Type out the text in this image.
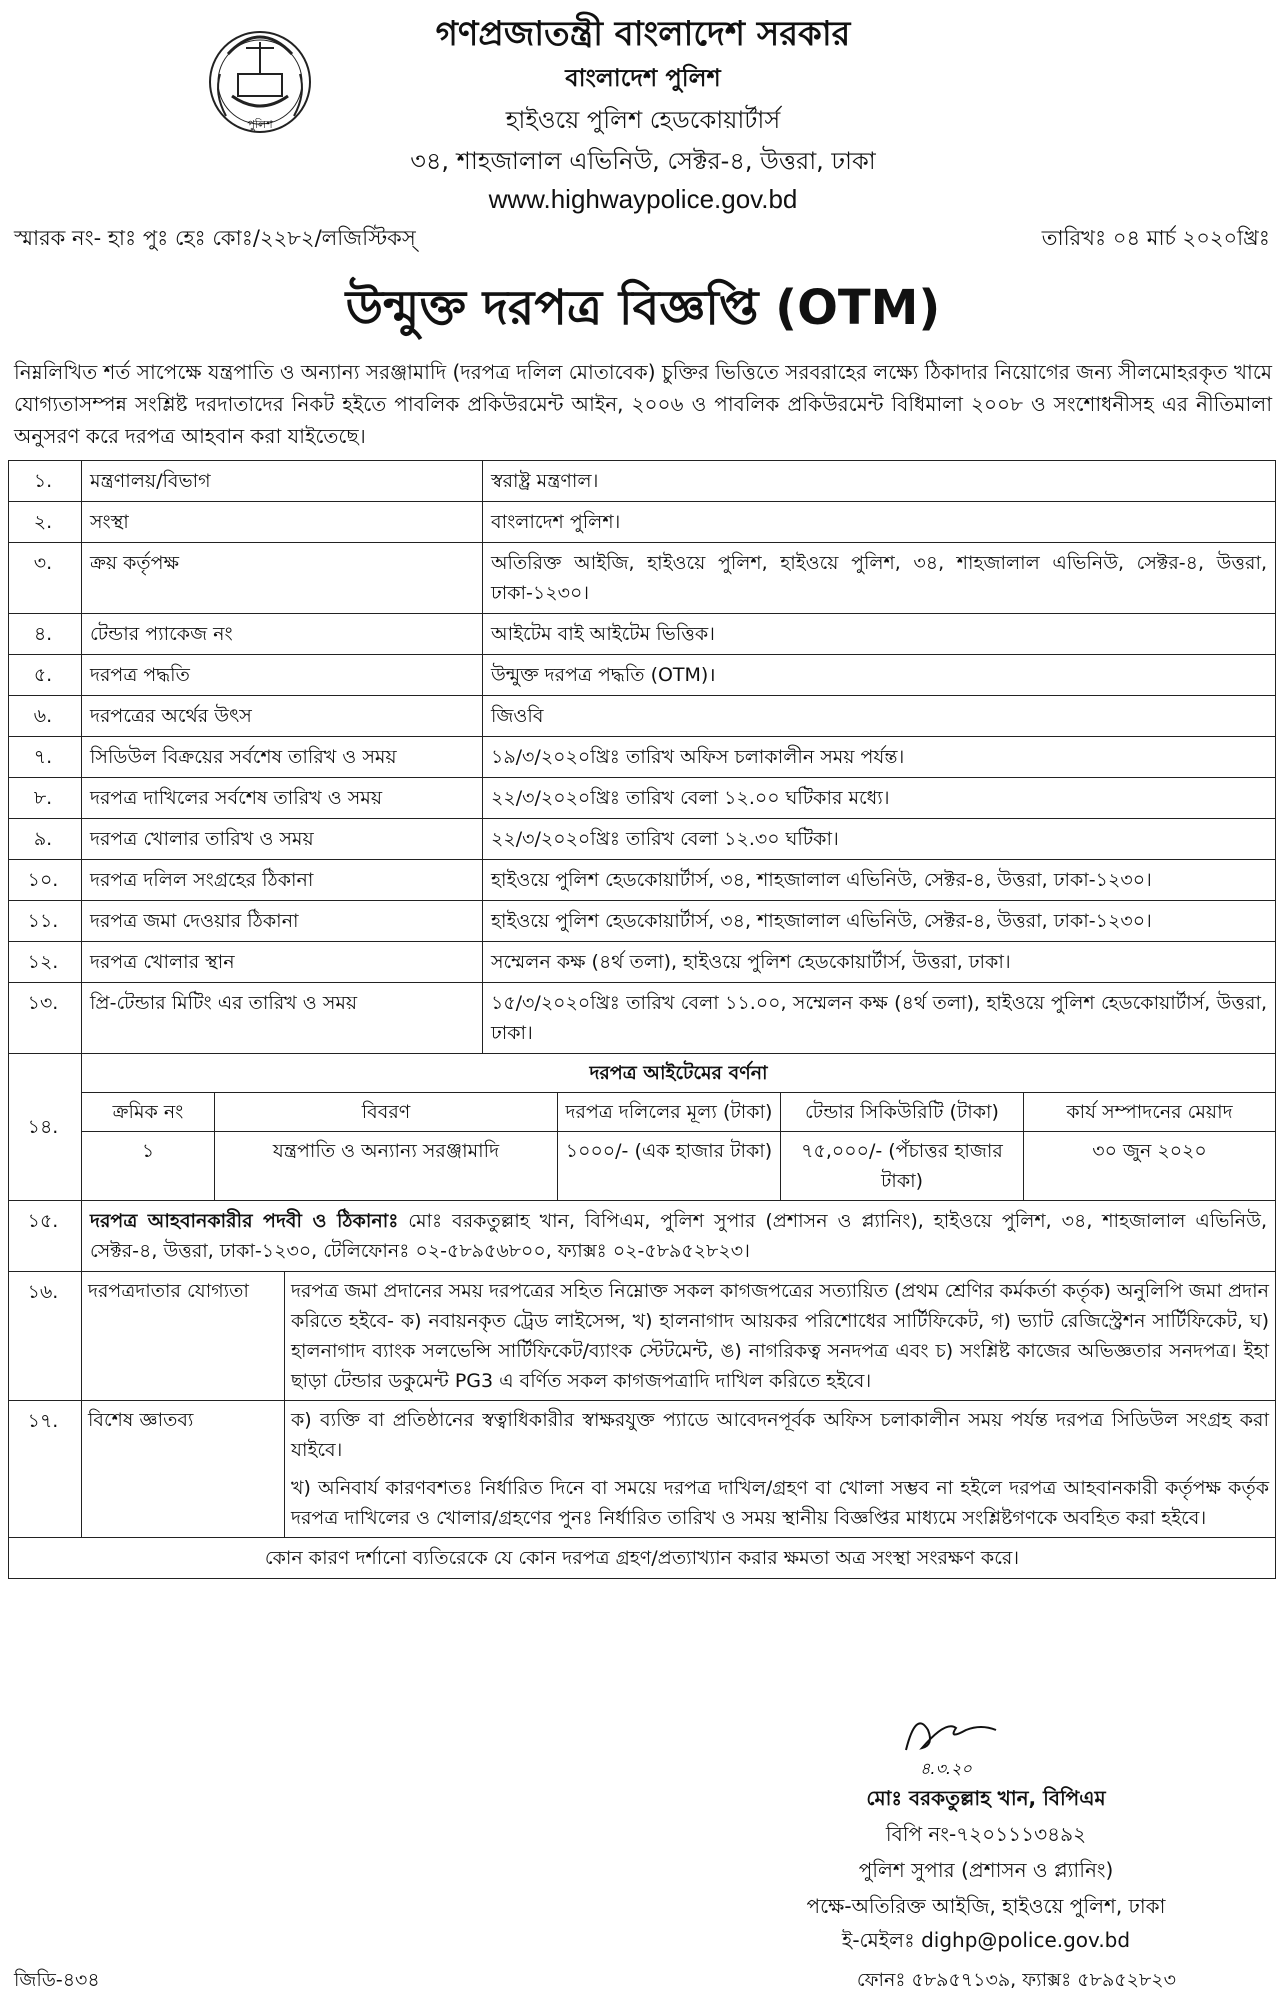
পুলিশ
গণপ্রজাতন্ত্রী বাংলাদেশ সরকার
বাংলাদেশ পুলিশ
হাইওয়ে পুলিশ হেডকোয়ার্টার্স
৩৪, শাহজালাল এভিনিউ, সেক্টর-৪, উত্তরা, ঢাকা
www.highwaypolice.gov.bd
স্মারক নং- হাঃ পুঃ হেঃ কোঃ/২২৮২/লজিস্টিকস্	তারিখঃ ০৪ মার্চ ২০২০খ্রিঃ
উন্মুক্ত দরপত্র বিজ্ঞপ্তি (OTM)
নিম্নলিখিত শর্ত সাপেক্ষে যন্ত্রপাতি ও অন্যান্য সরঞ্জামাদি (দরপত্র দলিল মোতাবেক) চুক্তির ভিত্তিতে সরবরাহের লক্ষ্যে ঠিকাদার নিয়োগের জন্য সীলমোহরকৃত খামে যোগ্যতাসম্পন্ন সংশ্লিষ্ট দরদাতাদের নিকট হইতে পাবলিক প্রকিউরমেন্ট আইন, ২০০৬ ও পাবলিক প্রকিউরমেন্ট বিধিমালা ২০০৮ ও সংশোধনীসহ এর নীতিমালা অনুসরণ করে দরপত্র আহবান করা যাইতেছে।
১.	মন্ত্রণালয়/বিভাগ	স্বরাষ্ট্র মন্ত্রণাল।
২.	সংস্থা	বাংলাদেশ পুলিশ।
৩.	ক্রয় কর্তৃপক্ষ	অতিরিক্ত আইজি, হাইওয়ে পুলিশ, হাইওয়ে পুলিশ, ৩৪, শাহজালাল এভিনিউ, সেক্টর-৪, উত্তরা, ঢাকা-১২৩০।
৪.	টেন্ডার প্যাকেজ নং	আইটেম বাই আইটেম ভিত্তিক।
৫.	দরপত্র পদ্ধতি	উন্মুক্ত দরপত্র পদ্ধতি (OTM)।
৬.	দরপত্রের অর্থের উৎস	জিওবি
৭.	সিডিউল বিক্রয়ের সর্বশেষ তারিখ ও সময়	১৯/৩/২০২০খ্রিঃ তারিখ অফিস চলাকালীন সময় পর্যন্ত।
৮.	দরপত্র দাখিলের সর্বশেষ তারিখ ও সময়	২২/৩/২০২০খ্রিঃ তারিখ বেলা ১২.০০ ঘটিকার মধ্যে।
৯.	দরপত্র খোলার তারিখ ও সময়	২২/৩/২০২০খ্রিঃ তারিখ বেলা ১২.৩০ ঘটিকা।
১০.	দরপত্র দলিল সংগ্রহের ঠিকানা	হাইওয়ে পুলিশ হেডকোয়ার্টার্স, ৩৪, শাহজালাল এভিনিউ, সেক্টর-৪, উত্তরা, ঢাকা-১২৩০।
১১.	দরপত্র জমা দেওয়ার ঠিকানা	হাইওয়ে পুলিশ হেডকোয়ার্টার্স, ৩৪, শাহজালাল এভিনিউ, সেক্টর-৪, উত্তরা, ঢাকা-১২৩০।
১২.	দরপত্র খোলার স্থান	সম্মেলন কক্ষ (৪র্থ তলা), হাইওয়ে পুলিশ হেডকোয়ার্টার্স, উত্তরা, ঢাকা।
১৩.	প্রি-টেন্ডার মিটিং এর তারিখ ও সময়	১৫/৩/২০২০খ্রিঃ তারিখ বেলা ১১.০০, সম্মেলন কক্ষ (৪র্থ তলা), হাইওয়ে পুলিশ হেডকোয়ার্টার্স, উত্তরা, ঢাকা।
১৪.	
দরপত্র আইটেমের বর্ণনা
ক্রমিক নং	বিবরণ	দরপত্র দলিলের মূল্য (টাকা)	টেন্ডার সিকিউরিটি (টাকা)	কার্য সম্পাদনের মেয়াদ
১	যন্ত্রপাতি ও অন্যান্য সরঞ্জামাদি	১০০০/- (এক হাজার টাকা)	৭৫,০০০/- (পঁচাত্তর হাজার টাকা)	৩০ জুন ২০২০

১৫.	দরপত্র আহবানকারীর পদবী ও ঠিকানাঃ মোঃ বরকতুল্লাহ খান, বিপিএম, পুলিশ সুপার (প্রশাসন ও প্ল্যানিং), হাইওয়ে পুলিশ, ৩৪, শাহজালাল এভিনিউ, সেক্টর-৪, উত্তরা, ঢাকা-১২৩০, টেলিফোনঃ ০২-৫৮৯৫৬৮০০, ফ্যাক্সঃ ০২-৫৮৯৫২৮২৩।
১৬.	দরপত্রদাতার যোগ্যতা	দরপত্র জমা প্রদানের সময় দরপত্রের সহিত নিম্নোক্ত সকল কাগজপত্রের সত্যায়িত (প্রথম শ্রেণির কর্মকর্তা কর্তৃক) অনুলিপি জমা প্রদান করিতে হইবে- ক) নবায়নকৃত ট্রেড লাইসেন্স, খ) হালনাগাদ আয়কর পরিশোধের সার্টিফিকেট, গ) ভ্যাট রেজিস্ট্রেশন সার্টিফিকেট, ঘ) হালনাগাদ ব্যাংক সলভেন্সি সার্টিফিকেট/ব্যাংক স্টেটমেন্ট, ঙ) নাগরিকত্ব সনদপত্র এবং চ) সংশ্লিষ্ট কাজের অভিজ্ঞতার সনদপত্র। ইহা ছাড়া টেন্ডার ডকুমেন্ট PG3 এ বর্ণিত সকল কাগজপত্রাদি দাখিল করিতে হইবে।

১৭.	বিশেষ জ্ঞাতব্য	ক) ব্যক্তি বা প্রতিষ্ঠানের স্বত্বাধিকারীর স্বাক্ষরযুক্ত প্যাডে আবেদনপূর্বক অফিস চলাকালীন সময় পর্যন্ত দরপত্র সিডিউল সংগ্রহ করা যাইবে।
খ) অনিবার্য কারণবশতঃ নির্ধারিত দিনে বা সময়ে দরপত্র দাখিল/গ্রহণ বা খোলা সম্ভব না হইলে দরপত্র আহবানকারী কর্তৃপক্ষ কর্তৃক দরপত্র দাখিলের ও খোলার/গ্রহণের পুনঃ নির্ধারিত তারিখ ও সময় স্থানীয় বিজ্ঞপ্তির মাধ্যমে সংশ্লিষ্টগণকে অবহিত করা হইবে।

কোন কারণ দর্শানো ব্যতিরেকে যে কোন দরপত্র গ্রহণ/প্রত্যাখ্যান করার ক্ষমতা অত্র সংস্থা সংরক্ষণ করে।
৪.৩.২০
মোঃ বরকতুল্লাহ খান, বিপিএম
বিপি নং-৭২০১১১৩৪৯২
পুলিশ সুপার (প্রশাসন ও প্ল্যানিং)
পক্ষে-অতিরিক্ত আইজি, হাইওয়ে পুলিশ, ঢাকা
ই-মেইলঃ dighp@police.gov.bd
জিডি-৪৩৪	ফোনঃ ৫৮৯৫৭১৩৯, ফ্যাক্সঃ ৫৮৯৫২৮২৩
